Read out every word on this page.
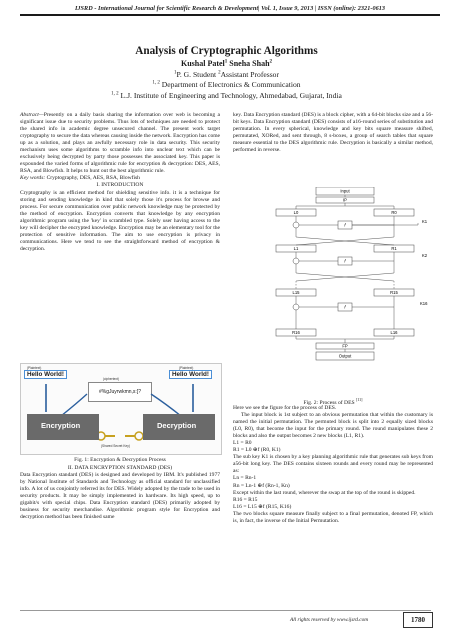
IJSRD - International Journal for Scientific Research & Development| Vol. 1, Issue 9, 2013 | ISSN (online): 2321-0613
Analysis of Cryptographic Algorithms
Kushal Patel$^1$ Sneha Shah$^2$
$^1$P. G. Student $^2$Assistant Professor
$^{1, 2}$ Department of Electronics & Communication
$^{1, 2}$ L.J. Institute of Engineering and Technology, Ahmedabad, Gujarat, India

Abstract—Presently on a daily basis sharing the information over web is becoming a significant issue due to security problems. Thus lots of techniques are needed to protect the shared info in academic degree unsecured channel. The present work target cryptography to secure the data whereas causing inside the network. Encryption has come up as a solution, and plays an awfully necessary role in data security. This security mechanism uses some algorithms to scramble info into unclear text which can be exclusively being decrypted by party those possesses the associated key. This paper is expounded the varied forms of algorithmic rule for encryption & decryption: DES, AES, RSA, and Blowfish. It helps to hunt out the best algorithmic rule.

Key words: Cryptography, DES, AES, RSA, Blowfish

I. INTRODUCTION

Cryptography is an efficient method for shielding sensitive info. it is a technique for storing and sending knowledge in kind that solely those it's process for browse and process. For secure communication over public network knowledge may be protected by the method of encryption. Encryption converts that knowledge by any encryption algorithmic program using the 'key' in scrambled type. Solely user having access to the key will decipher the encrypted knowledge. Encryption may be an elementary tool for the protection of sensitive information. The aim to use encryption is privacy in communications. Here we tend to see the straightforward method of encryption & decryption.

(Plaintext)	(Plaintext)
Hello World!	Hello World!
(ciphertext)
#%gJuyrwkmn,s:[?
Encryption	Decryption
(Shared Secret Key)
Fig. 1: Encryption & Decryption Process

II. DATA ENCRYPTION STANDARD (DES)

Data Encryption standard (DES) is designed and developed by IBM. It's published 1977 by National Institute of Standards and Technology as official standard for unclassified info. A lot of us conjointly referred its for DES. Widely adopted by the trade to be used in security products. It may be simply implemented in hardware. Its high speed, up to gigabit/s with special chips. Data Encryption standard (DES) primarily adopted by business for security merchandise. Algorithmic program style for Encryption and decryption method has been finished same

key. Data Encryption standard (DES) is a block cipher, with a 64-bit blocks size and a 56-bit keys. Data Encryption standard (DES) consists of a16-round series of substitution and permutation. In every spherical, knowledge and key bits square measure shifted, permutated, XORed, and sent through, 8 s-boxes, a group of search tables that square measure essential to the DES algorithmic rule. Decryption is basically a similar method, performed in reverse.

Input
IP
L0	R0
f
K1
L1	R1
f
K2
L15	R15
f
K16
R16	L16
FP
Output
Fig. 2: Process of DES [11]

Here we see the figure for the process of DES.

The input block is 1st subject to an obvious permutation that within the customary is named the initial permutation. The permuted block is split into 2 equally sized blocks (L0, R0), that become the input for the primary round. The round manipulates these 2 blocks and also the output becomes 2 new blocks (L1, R1).

L1 = R0

R1 = L0 ⊕f (R0, K1)

The sub key K1 is chosen by a key planning algorithmic rule that generates sub keys from a56-bit long key. The DES contains sixteen rounds and every round may be represented as:

Ln = Rn-1

Rn = Ln-1 ⊕f (Rn-1, Kn)

Except within the last round, wherever the swap at the top of the round is skipped.

R16 = R15

L16 = L15 ⊕f (R15, K16)

The two blocks square measure finally subject to a final permutation, denoted FP, which is, in fact, the inverse of the Initial Permutation.

All rights reserved by www.ijsrd.com	1780
